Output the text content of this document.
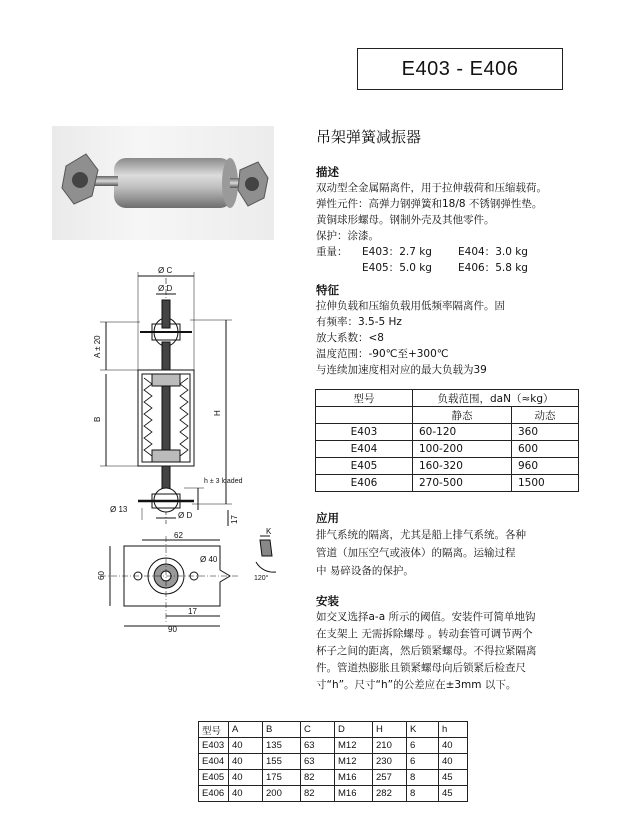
E403 - E406
吊架弹簧减振器
描述
双动型全金属隔离件，用于拉伸载荷和压缩载荷。
弹性元件：高弹力钢弹簧和18/8 不锈钢弹性垫。
黄铜球形螺母。钢制外壳及其他零件。
保护：涂漆。
重量： E403：2.7 kg E404：3.0 kg
E405：5.0 kg E406：5.8 kg
特征
拉伸负载和压缩负载用低频率隔离件。固
有频率：3.5-5 Hz
放大系数：<8
温度范围：-90℃至+300℃
与连续加速度相对应的最大负载为39
型号	负载范围，daN（≈kg）	
	静态	动态
E403	60-120	360
E404	100-200	600
E405	160-320	960
E406	270-500	1500
应用
排气系统的隔离，尤其是船上排气系统。各种
管道（加压空气或液体）的隔离。运输过程
中 易碎设备的保护。
安装
如交叉选择a-a 所示的阈值。安装件可简单地钩
在支架上 无需拆除螺母 。转动套管可调节两个
杯子之间的距离，然后锁紧螺母。不得拉紧隔离
件。管道热膨胀且锁紧螺母向后锁紧后检查尺
寸“h”。尺寸“h”的公差应在±3mm 以下。
Ø C
Ø D
A ± 20
B
H
h ± 3 loaded
Ø 13
Ø D	17
62
Ø 40
60
17
90
K
120°
型号	A	B	C	D	H	K	h
E403	40	135	63	M12	210	6	40
E404	40	155	63	M12	230	6	40
E405	40	175	82	M16	257	8	45
E406	40	200	82	M16	282	8	45
